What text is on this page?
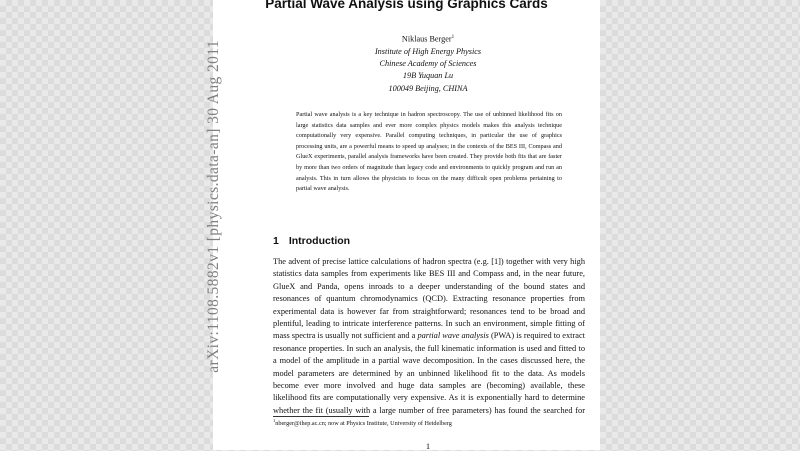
arXiv:1108.5882v1 [physics.data-an] 30 Aug 2011
Partial Wave Analysis using Graphics Cards
Niklaus Berger$^1$
Institute of High Energy Physics
Chinese Academy of Sciences
19B Yuquan Lu
100049 Beijing, CHINA
Partial wave analysis is a key technique in hadron spectroscopy. The use of unbinned likelihood fits on large statistics data samples and ever more complex physics models makes this analysis technique computationally very expensive. Parallel computing techniques, in particular the use of graphics processing units, are a powerful means to speed up analyses; in the contexts of the BES III, Compass and GlueX experiments, parallel analysis frameworks have been created. They provide both fits that are faster by more than two orders of magnitude than legacy code and environments to quickly program and run an analysis. This in turn allows the physicists to focus on the many difficult open problems pertaining to partial wave analysis.
1 Introduction
The advent of precise lattice calculations of hadron spectra (e.g. [1]) together with very high statistics data samples from experiments like BES III and Compass and, in the near future, GlueX and Panda, opens inroads to a deeper understanding of the bound states and resonances of quantum chromodynamics (QCD). Extracting resonance properties from experimental data is however far from straightforward; resonances tend to be broad and plentiful, leading to intricate interference patterns. In such an environment, simple fitting of mass spectra is usually not sufficient and a partial wave analysis (PWA) is required to extract resonance properties. In such an analysis, the full kinematic information is used and fitted to a model of the amplitude in a partial wave decomposition. In the cases discussed here, the model parameters are determined by an unbinned likelihood fit to the data. As models become ever more involved and huge data samples are (becoming) available, these likelihood fits are computationally very expensive. As it is exponentially hard to determine whether the fit (usually with a large number of free parameters) has found the searched for
$^1$nberger@ihep.ac.cn; now at Physics Institute, University of Heidelberg
1
